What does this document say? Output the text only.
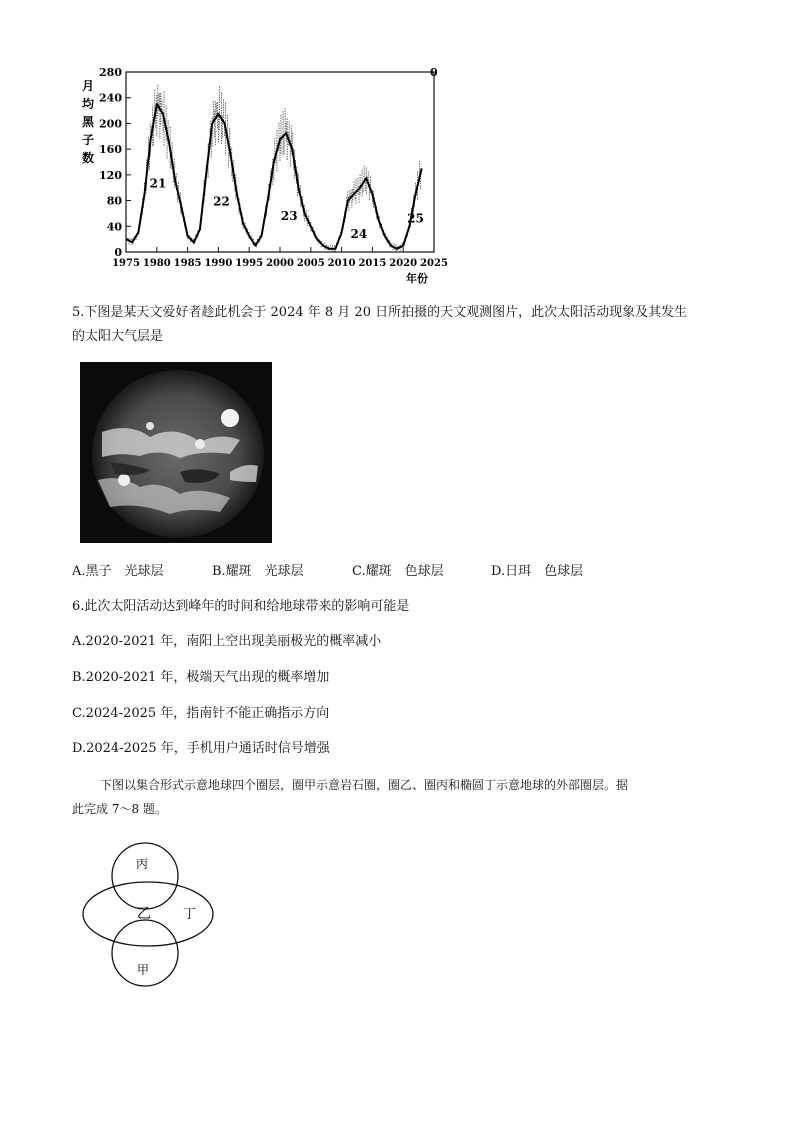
月
均
黑
子
数
年份
0
0
40
80
120
160
200
240
280
1975 1980 1985 1990 1995 2000 2005 2010 2015 2020 2025
21
22
23
24
25
5.下图是某天文爱好者趁此机会于 2024 年 8 月 20 日所拍摄的天文观测图片，此次太阳活动现象及其发生
的太阳大气层是
A.黑子　光球层	B.耀斑　光球层	C.耀斑　色球层	D.日珥　色球层
6.此次太阳活动达到峰年的时间和给地球带来的影响可能是
A.2020-2021 年，南阳上空出现美丽极光的概率减小
B.2020-2021 年，极端天气出现的概率增加
C.2024-2025 年，指南针不能正确指示方向
D.2024-2025 年，手机用户通话时信号增强
下图以集合形式示意地球四个圈层，圈甲示意岩石圈，圈乙、圈丙和椭圆丁示意地球的外部圈层。据
此完成 7～8 题。
丙
乙 丁
甲
